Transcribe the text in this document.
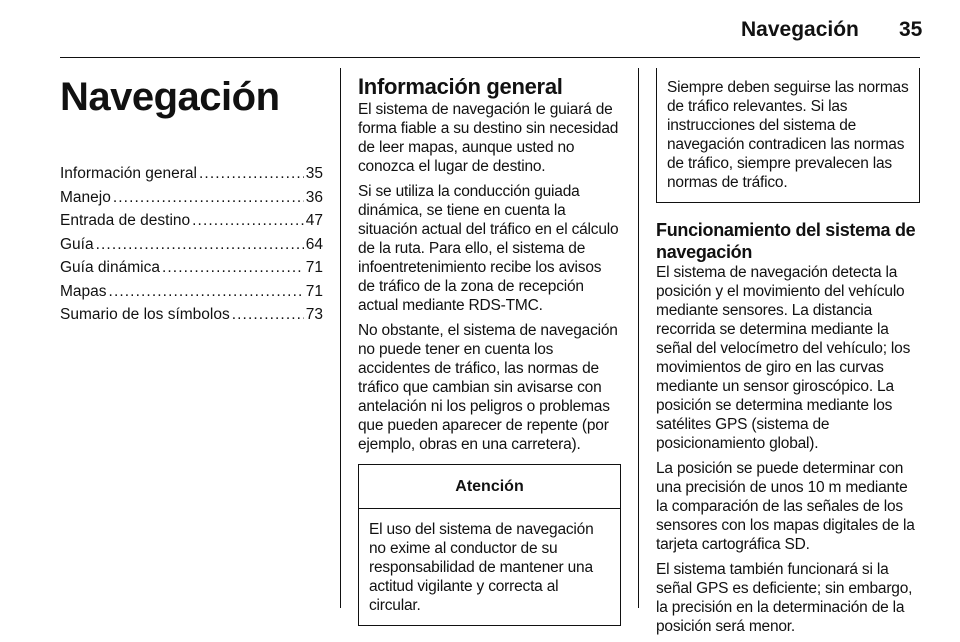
Navegación 35
Navegación
Información general . . .	35
Manejo . . .	36
Entrada de destino . . .	47
Guía . . .	64
Guía dinámica . . .	71
Mapas . . .	71
Sumario de los símbolos . . .	73
Información general

El sistema de navegación le guiará de forma fiable a su destino sin necesidad de leer mapas, aunque usted no conozca el lugar de destino.

Si se utiliza la conducción guiada dinámica, se tiene en cuenta la situación actual del tráfico en el cálculo de la ruta. Para ello, el sistema de infoentretenimiento recibe los avisos de tráfico de la zona de recepción actual mediante RDS-TMC.

No obstante, el sistema de navegación no puede tener en cuenta los accidentes de tráfico, las normas de tráfico que cambian sin avisarse con antelación ni los peligros o problemas que pueden aparecer de repente (por ejemplo, obras en una carretera).

Atención

El uso del sistema de navegación no exime al conductor de su responsabilidad de mantener una actitud vigilante y correcta al circular.

Siempre deben seguirse las normas de tráfico relevantes. Si las instrucciones del sistema de navegación contradicen las normas de tráfico, siempre prevalecen las normas de tráfico.

Funcionamiento del sistema de navegación

El sistema de navegación detecta la posición y el movimiento del vehículo mediante sensores. La distancia recorrida se determina mediante la señal del velocímetro del vehículo; los movimientos de giro en las curvas mediante un sensor giroscópico. La posición se determina mediante los satélites GPS (sistema de posicionamiento global).

La posición se puede determinar con una precisión de unos 10 m mediante la comparación de las señales de los sensores con los mapas digitales de la tarjeta cartográfica SD.

El sistema también funcionará si la señal GPS es deficiente; sin embargo, la precisión en la determinación de la posición será menor.
